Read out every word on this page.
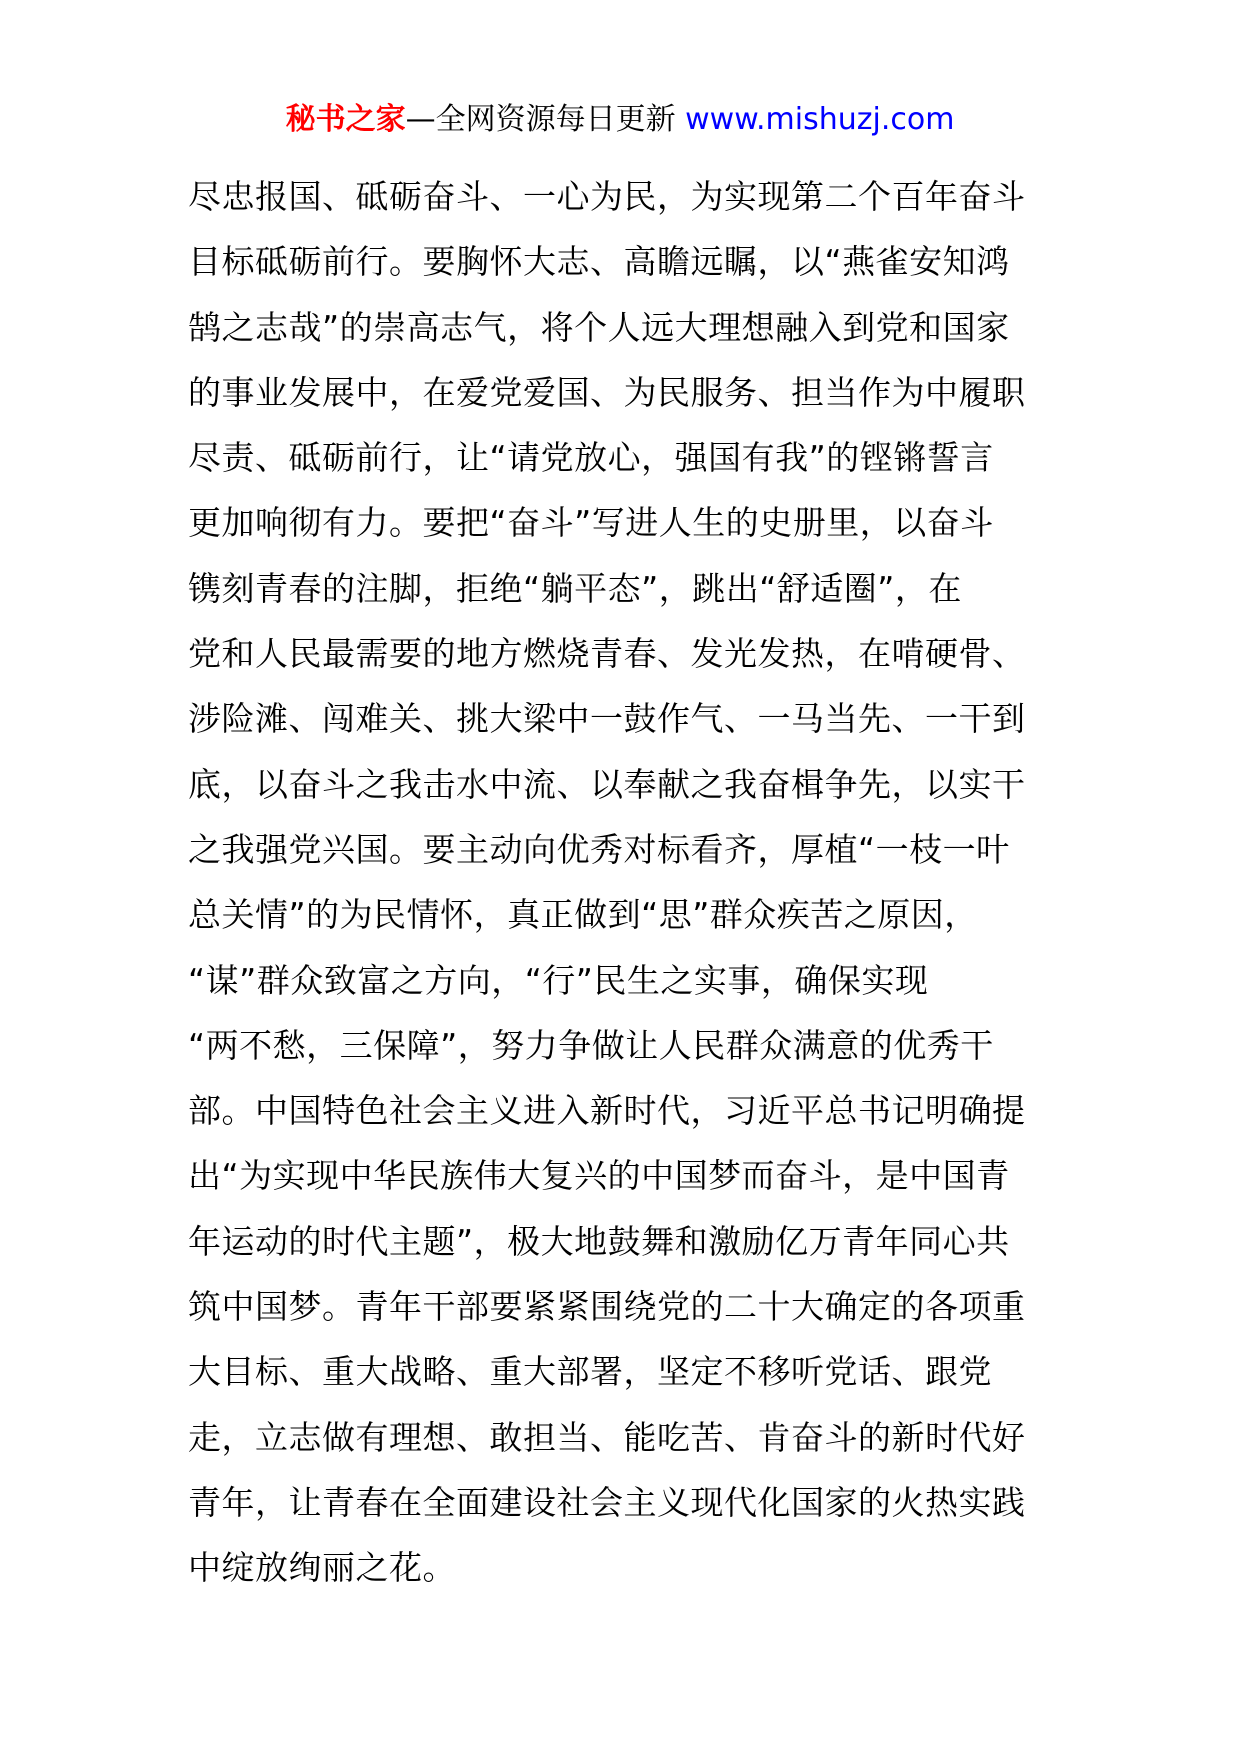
秘书之家—全网资源每日更新 www.mishuzj.com
尽忠报国、砥砺奋斗、一心为民，为实现第二个百年奋斗
目标砥砺前行。要胸怀大志、高瞻远瞩，以“燕雀安知鸿
鹄之志哉”的崇高志气，将个人远大理想融入到党和国家
的事业发展中，在爱党爱国、为民服务、担当作为中履职
尽责、砥砺前行，让“请党放心，强国有我”的铿锵誓言
更加响彻有力。要把“奋斗”写进人生的史册里，以奋斗
镌刻青春的注脚，拒绝“躺平态”，跳出“舒适圈”，在
党和人民最需要的地方燃烧青春、发光发热，在啃硬骨、
涉险滩、闯难关、挑大梁中一鼓作气、一马当先、一干到
底，以奋斗之我击水中流、以奉献之我奋楫争先，以实干
之我强党兴国。要主动向优秀对标看齐，厚植“一枝一叶
总关情”的为民情怀，真正做到“思”群众疾苦之原因，
“谋”群众致富之方向，“行”民生之实事，确保实现
“两不愁，三保障”，努力争做让人民群众满意的优秀干
部。中国特色社会主义进入新时代，习近平总书记明确提
出“为实现中华民族伟大复兴的中国梦而奋斗，是中国青
年运动的时代主题”，极大地鼓舞和激励亿万青年同心共
筑中国梦。青年干部要紧紧围绕党的二十大确定的各项重
大目标、重大战略、重大部署，坚定不移听党话、跟党
走，立志做有理想、敢担当、能吃苦、肯奋斗的新时代好
青年，让青春在全面建设社会主义现代化国家的火热实践
中绽放绚丽之花。
